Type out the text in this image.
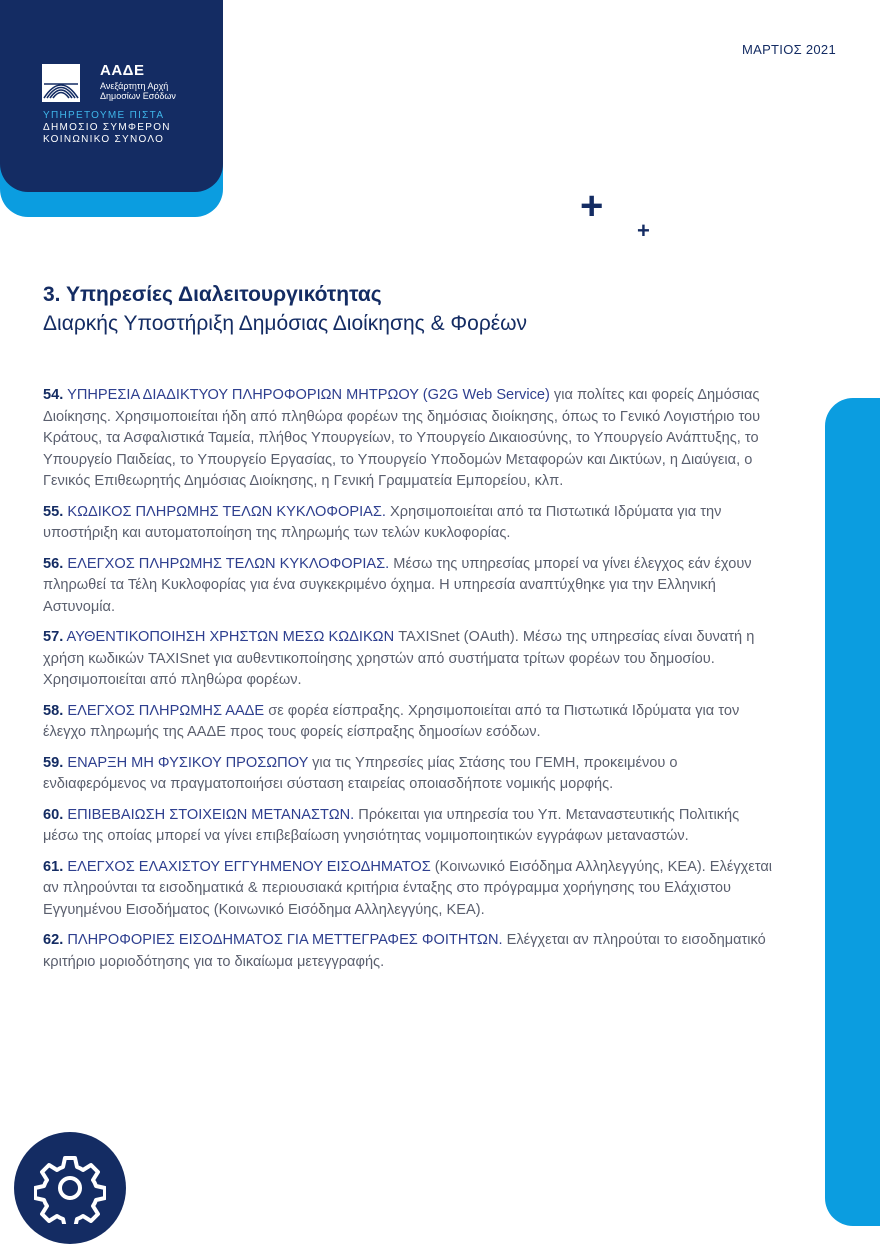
ΑΑΔΕ
Ανεξάρτητη Αρχή
Δημοσίων Εσόδων
ΥΠΗΡΕΤΟΥΜΕ ΠΙΣΤΑ
ΔΗΜΟΣΙΟ ΣΥΜΦΕΡΟΝ
ΚΟΙΝΩΝΙΚΟ ΣΥΝΟΛΟ
ΜΑΡΤΙΟΣ 2021
+
+
3. Υπηρεσίες Διαλειτουργικότητας
Διαρκής Υποστήριξη Δημόσιας Διοίκησης & Φορέων

54. ΥΠΗΡΕΣΙΑ ΔΙΑΔΙΚΤΥΟΥ ΠΛΗΡΟΦΟΡΙΩΝ ΜΗΤΡΩΟΥ (G2G Web Service) για πολίτες και φορείς Δημόσιας Διοίκησης. Χρησιμοποιείται ήδη από πληθώρα φορέων της δημόσιας διοίκησης, όπως το Γενικό Λογιστήριο του Κράτους, τα Ασφαλιστικά Ταμεία, πλήθος Υπουργείων, το Υπουργείο Δικαιοσύνης, το Υπουργείο Ανάπτυξης, το Υπουργείο Παιδείας, το Υπουργείο Εργασίας, το Υπουργείο Υποδομών Μεταφορών και Δικτύων, η Διαύγεια, ο Γενικός Επιθεωρητής Δημόσιας Διοίκησης, η Γενική Γραμματεία Εμπορείου, κλπ.

55. ΚΩΔΙΚΟΣ ΠΛΗΡΩΜΗΣ ΤΕΛΩΝ ΚΥΚΛΟΦΟΡΙΑΣ. Χρησιμοποιείται από τα Πιστωτικά Ιδρύματα για την υποστήριξη και αυτοματοποίηση της πληρωμής των τελών κυκλοφορίας.

56. ΕΛΕΓΧΟΣ ΠΛΗΡΩΜΗΣ ΤΕΛΩΝ ΚΥΚΛΟΦΟΡΙΑΣ. Μέσω της υπηρεσίας μπορεί να γίνει έλεγχος εάν έχουν πληρωθεί τα Τέλη Κυκλοφορίας για ένα συγκεκριμένο όχημα. Η υπηρεσία αναπτύχθηκε για την Ελληνική Αστυνομία.

57. ΑΥΘΕΝΤΙΚΟΠΟΙΗΣΗ ΧΡΗΣΤΩΝ ΜΕΣΩ ΚΩΔΙΚΩΝ TAXISnet (OAuth). Μέσω της υπηρεσίας είναι δυνατή η χρήση κωδικών TAXISnet για αυθεντικοποίησης χρηστών από συστήματα τρίτων φορέων του δημοσίου. Χρησιμοποιείται από πληθώρα φορέων.

58. ΕΛΕΓΧΟΣ ΠΛΗΡΩΜΗΣ ΑΑΔΕ σε φορέα είσπραξης. Χρησιμοποιείται από τα Πιστωτικά Ιδρύματα για τον έλεγχο πληρωμής της ΑΑΔΕ προς τους φορείς είσπραξης δημοσίων εσόδων.

59. ΕΝΑΡΞΗ ΜΗ ΦΥΣΙΚΟΥ ΠΡΟΣΩΠΟΥ για τις Υπηρεσίες μίας Στάσης του ΓΕΜΗ, προκειμένου ο ενδιαφερόμενος να πραγματοποιήσει σύσταση εταιρείας οποιασδήποτε νομικής μορφής.

60. ΕΠΙΒΕΒΑΙΩΣΗ ΣΤΟΙΧΕΙΩΝ ΜΕΤΑΝΑΣΤΩΝ. Πρόκειται για υπηρεσία του Υπ. Μεταναστευτικής Πολιτικής μέσω της οποίας μπορεί να γίνει επιβεβαίωση γνησιότητας νομιμοποιητικών εγγράφων μεταναστών.

61. ΕΛΕΓΧΟΣ ΕΛΑΧΙΣΤΟΥ ΕΓΓΥΗΜΕΝΟΥ ΕΙΣΟΔΗΜΑΤΟΣ (Κοινωνικό Εισόδημα Αλληλεγγύης, ΚΕΑ). Ελέγχεται αν πληρούνται τα εισοδηματικά & περιουσιακά κριτήρια ένταξης στο πρόγραμμα χορήγησης του Ελάχιστου Εγγυημένου Εισοδήματος (Κοινωνικό Εισόδημα Αλληλεγγύης, ΚΕΑ).

62. ΠΛΗΡΟΦΟΡΙΕΣ ΕΙΣΟΔΗΜΑΤΟΣ ΓΙΑ ΜΕΤΤΕΓΡΑΦΕΣ ΦΟΙΤΗΤΩΝ. Ελέγχεται αν πληρούται το εισοδηματικό κριτήριο μοριοδότησης για το δικαίωμα μετεγγραφής.
